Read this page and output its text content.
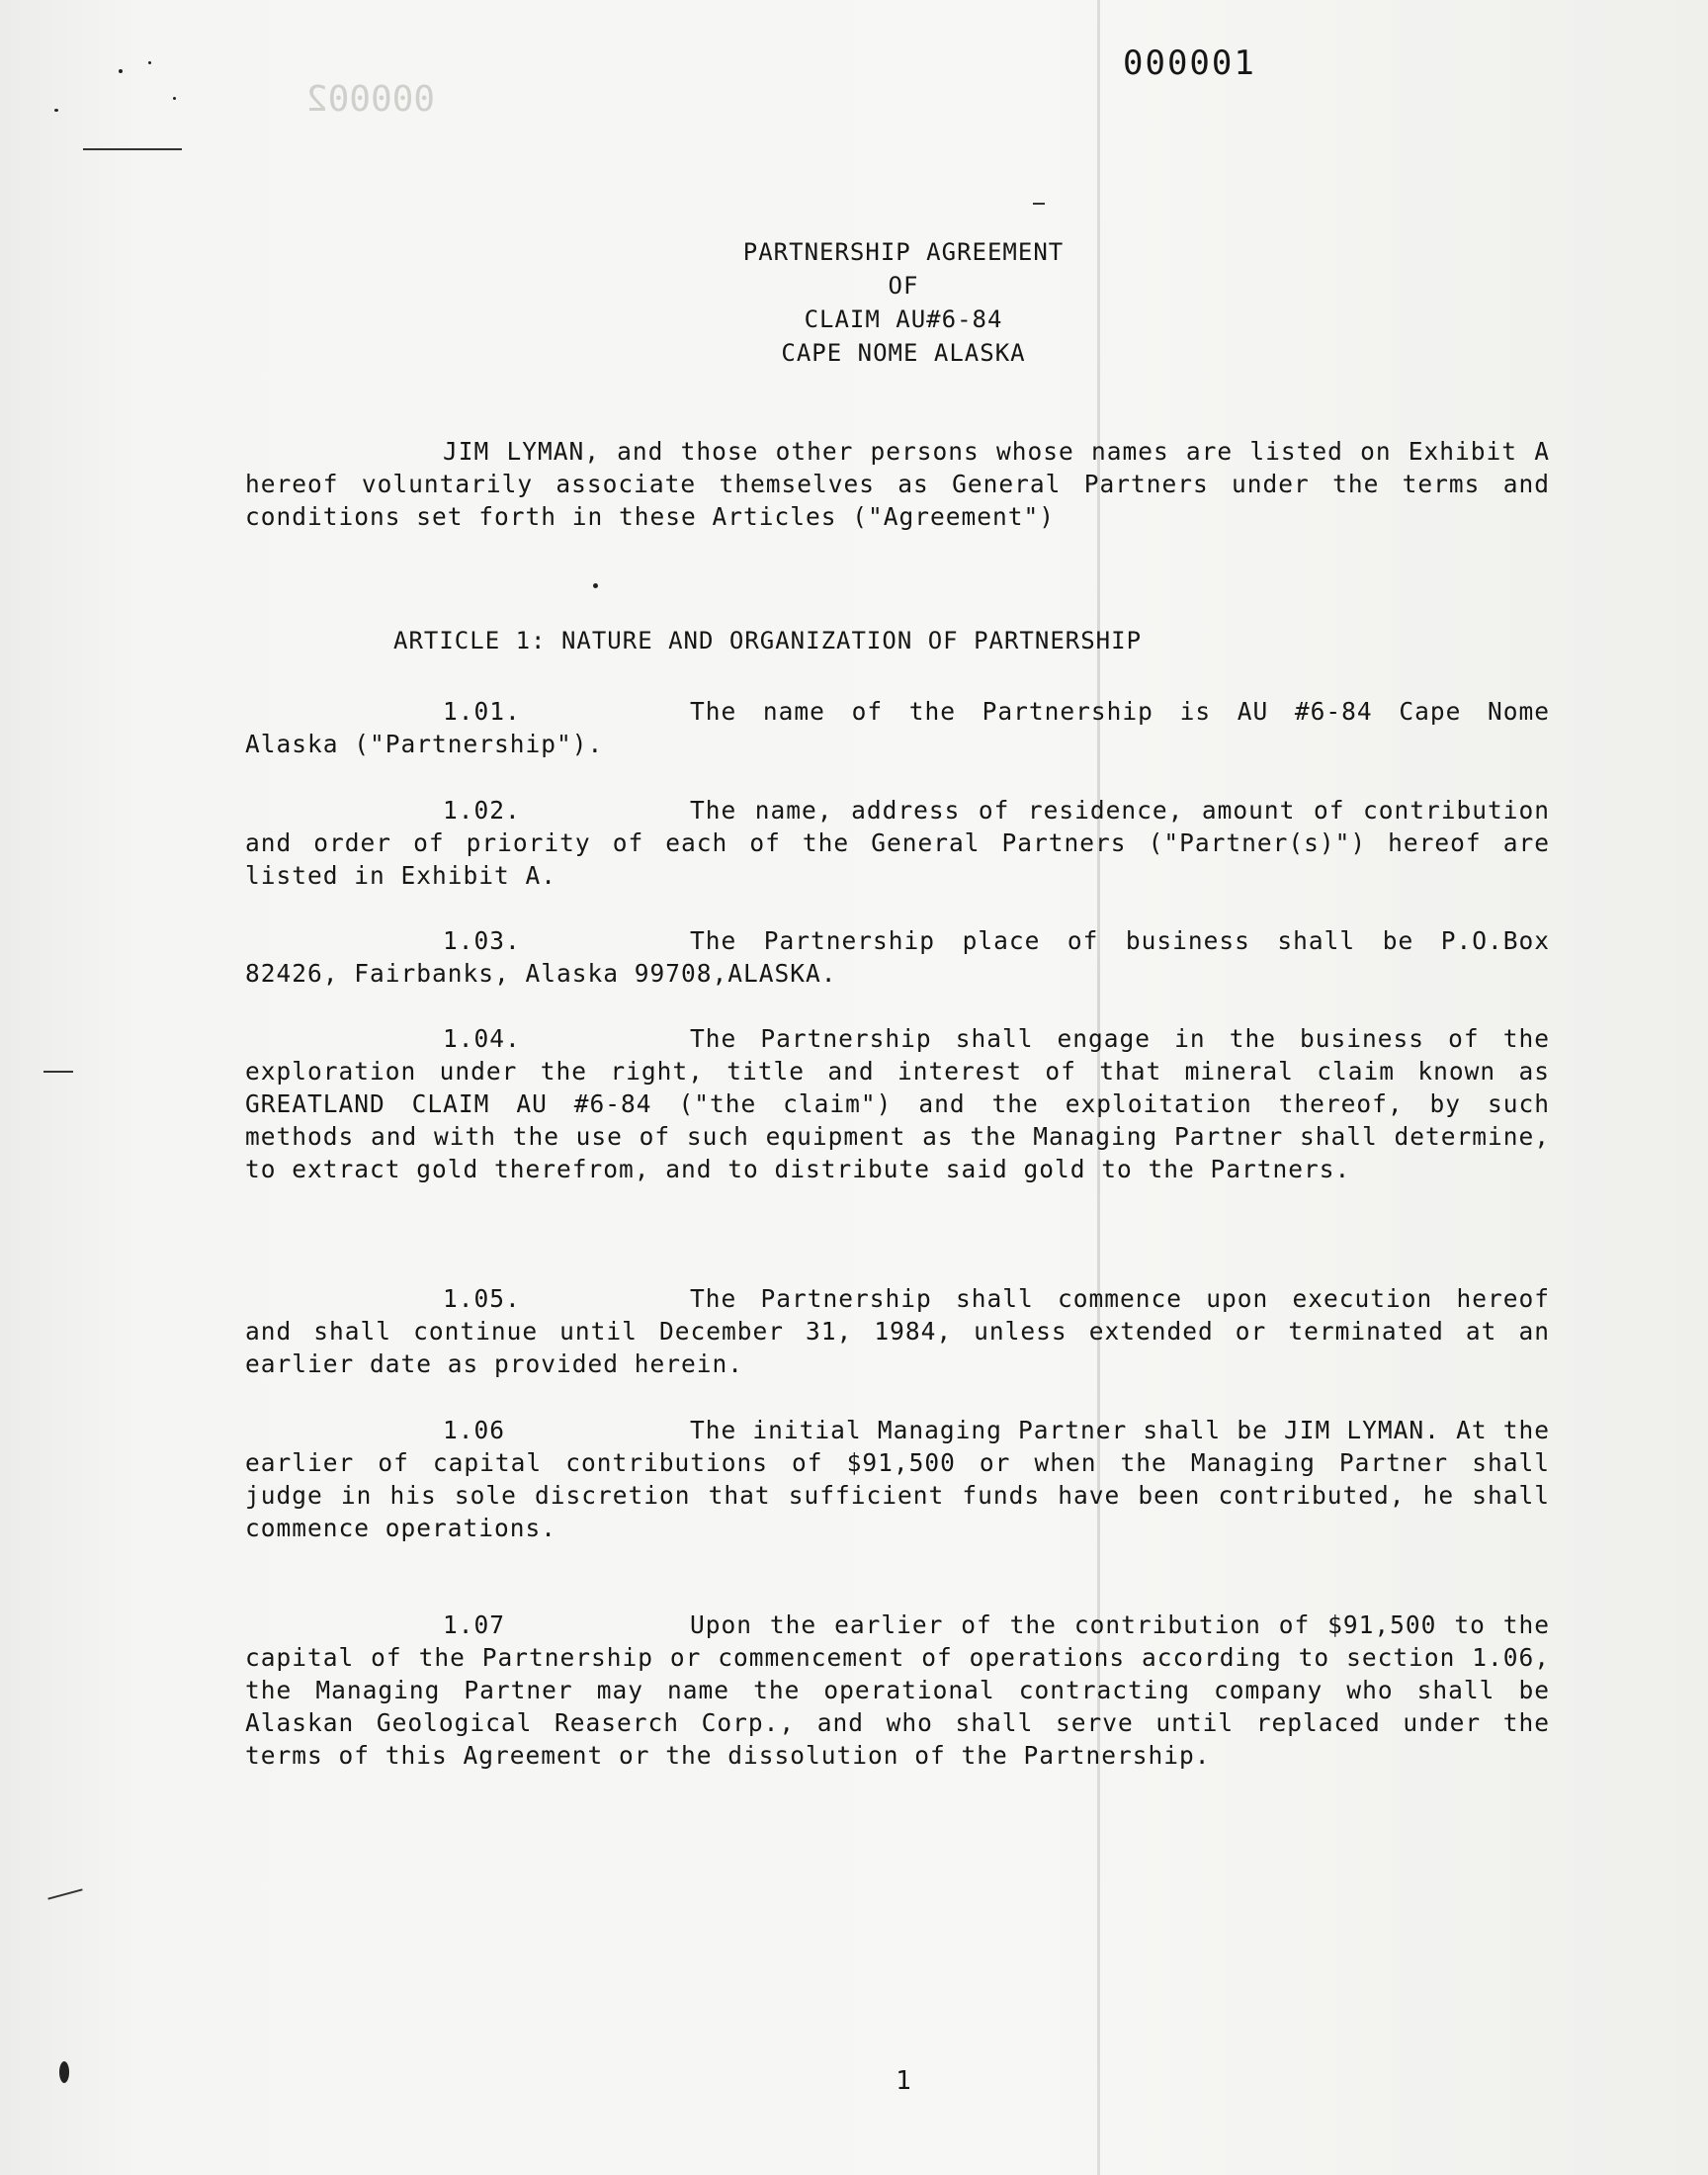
000002
000001
PARTNERSHIP AGREEMENT
OF
CLAIM AU#6-84
CAPE NOME ALASKA
JIM LYMAN, and those other persons whose names are listed on Exhibit A hereof voluntarily associate themselves as General Partners under the terms and conditions set forth in these Articles ("Agreement")
ARTICLE 1: NATURE AND ORGANIZATION OF PARTNERSHIP
1.01.	The name of the Partnership is AU #6-84 Cape Nome Alaska ("Partnership").
1.02.	The name, address of residence, amount of contribution and order of priority of each of the General Partners ("Partner(s)") hereof are listed in Exhibit A.
1.03.	The Partnership place of business shall be P.O.Box 82426, Fairbanks, Alaska 99708,ALASKA.
1.04.	The Partnership shall engage in the business of the exploration under the right, title and interest of that mineral claim known as GREATLAND CLAIM AU #6-84 ("the claim") and the exploitation thereof, by such methods and with the use of such equipment as the Managing Partner shall determine, to extract gold therefrom, and to distribute said gold to the Partners.
1.05.	The Partnership shall commence upon execution hereof and shall continue until December 31, 1984, unless extended or terminated at an earlier date as provided herein.
1.06	The initial Managing Partner shall be JIM LYMAN. At the earlier of capital contributions of $91,500 or when the Managing Partner shall judge in his sole discretion that sufficient funds have been contributed, he shall commence operations.
1.07	Upon the earlier of the contribution of $91,500 to the capital of the Partnership or commencement of operations according to section 1.06, the Managing Partner may name the operational contracting company who shall be Alaskan Geological Reaserch Corp., and who shall serve until replaced under the terms of this Agreement or the dissolution of the Partnership.
1
